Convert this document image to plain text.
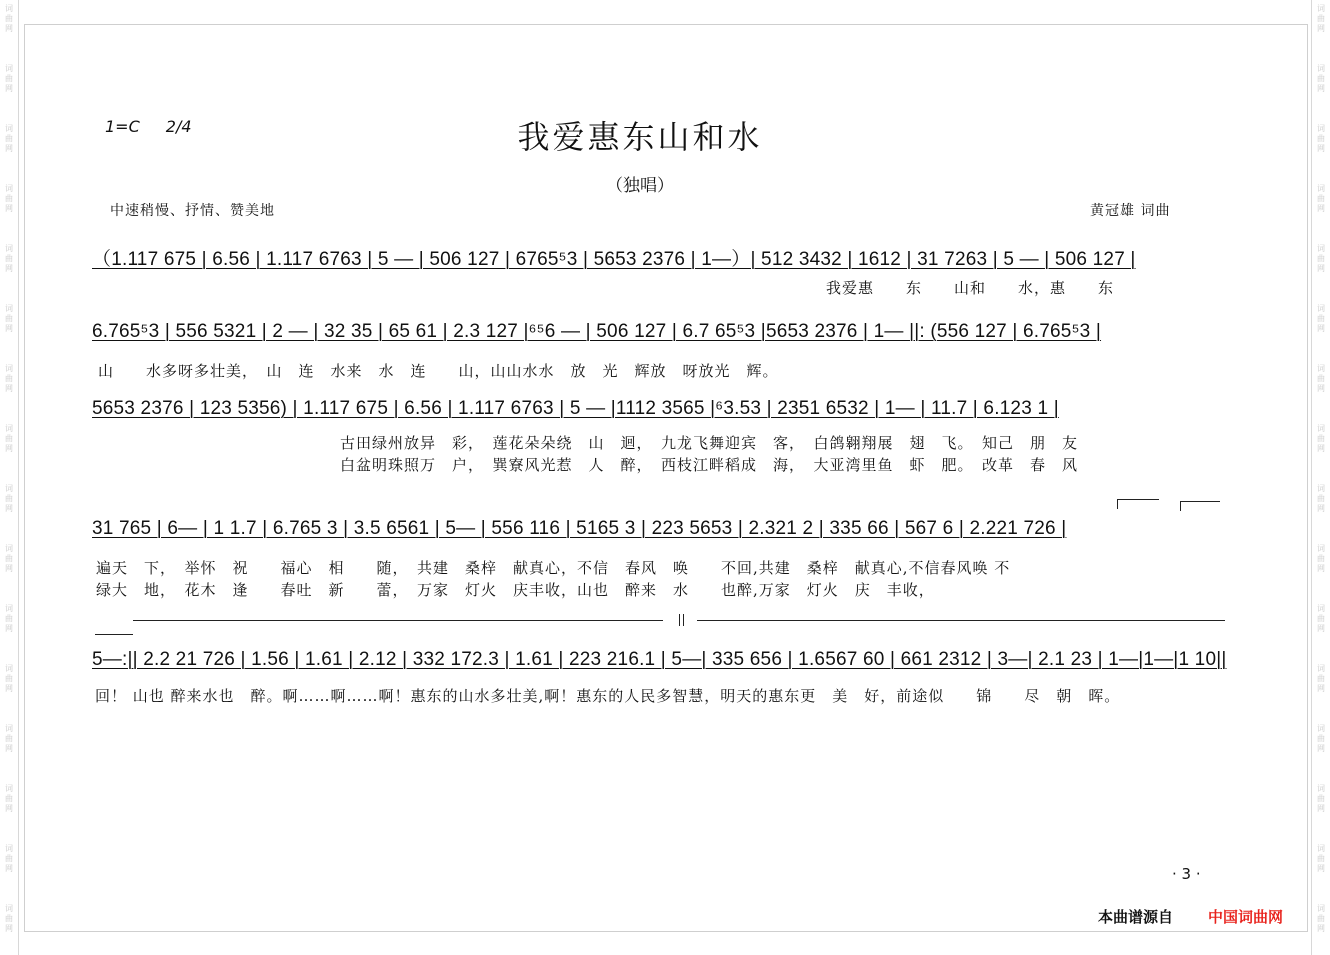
词曲网
词曲网
词曲网
词曲网
词曲网
词曲网
词曲网
词曲网
词曲网
词曲网
词曲网
词曲网
词曲网
词曲网
词曲网
词曲网
词曲网
词曲网
词曲网
词曲网
词曲网
词曲网
词曲网
词曲网
词曲网
词曲网
词曲网
词曲网
词曲网
词曲网
词曲网
词曲网
1=C 2/4	我爱惠东山和水
（独唱）
中速稍慢、抒情、赞美地	黄冠雄 词曲
（1.117 675 | 6.56 | 1.117 6763 | 5 — | 506 127 | 6765⁵3 | 5653 2376 | 1—）| 512 3432 | 1612 | 31 7263 | 5 — | 506 127 |
我爱惠　　东　　山和　　水，惠　　东
6.765⁵3 | 556 5321 | 2 — | 32 35 | 65 61 | 2.3 127 |⁶⁵6 — | 506 127 | 6.7 65⁵3 |5653 2376 | 1— ||: (556 127 | 6.765⁵3 |
山　　水多呀多壮美，　山　连　水来　水　连　　山，山山水水　放　光　辉放　呀放光　辉。
5653 2376 | 123 5356) | 1.117 675 | 6.56 | 1.117 6763 | 5 — |1112 3565 |⁶3.53 | 2351 6532 | 1— | 11.7 | 6.123 1 |
古田绿州放异　彩，　莲花朵朵绕　山　迴，　九龙飞舞迎宾　客，　白鸽翱翔展　翅　飞。　知己　朋　友
白盆明珠照万　户，　巽寮风光惹　人　醉，　西枝江畔稻成　海，　大亚湾里鱼　虾　肥。　改革　春　风
31 765 | 6— | 1 1.7 | 6.765 3 | 3.5 6561 | 5— | 556 116 | 5165 3 | 223 5653 | 2.321 2 | 335 66 | 567 6 | 2.221 726 |
遍天　下，　举怀　祝　　福心　相　　随，　共建　桑梓　献真心，不信　春风　唤　　不回,共建　桑梓　献真心,不信春风唤 不
绿大　地，　花木　逢　　春吐　新　　蕾，　万家　灯火　庆丰收，山也　醉来　水　　也醉,万家　灯火　庆　丰收，
5—:|| 2.2 21 726 | 1.56 | 1.61 | 2.12 | 332 172.3 | 1.61 | 223 216.1 | 5—| 335 656 | 1.6567 60 | 661 2312 | 3—| 2.1 23 | 1—|1—|1 10||
回！ 山也 醉来水也　醉。啊……啊……啊！惠东的山水多壮美,啊！惠东的人民多智慧，明天的惠东更　美　好，前途似　　锦　　尽　朝　晖。
· 3 ·
本曲谱源自 中国词曲网
